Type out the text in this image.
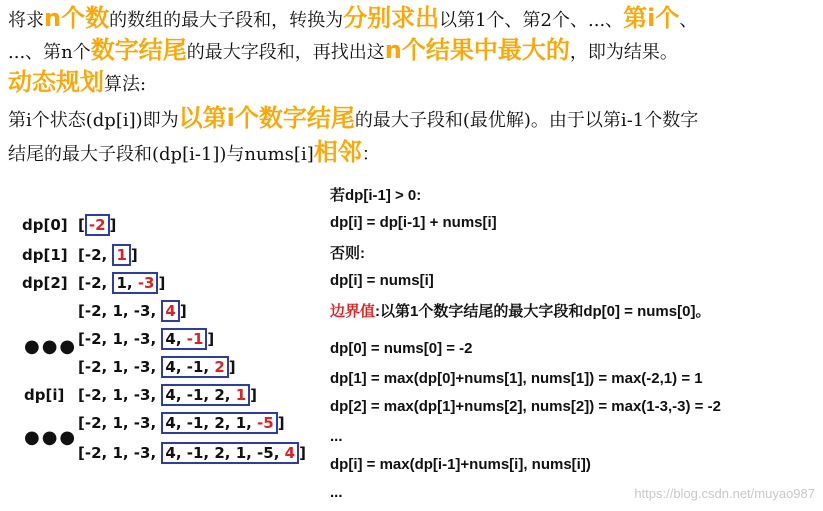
将求n个数的数组的最大子段和，转换为分别求出以第1个、第2个、...、第i个、
...、第n个数字结尾的最大字段和，再找出这n个结果中最大的，即为结果。
动态规划算法:
第i个状态(dp[i])即为以第i个数字结尾的最大子段和(最优解)。由于以第i-1个数字
结尾的最大子段和(dp[i-1])与nums[i]相邻：
dp[0]
dp[1]
dp[2]
●●●
dp[i]
●●●
[ -2 ]
[-2, 1 ]
[-2, 1, -3 ]
[-2, 1, -3, 4 ]
[-2, 1, -3, 4, -1 ]
[-2, 1, -3, 4, -1, 2 ]
[-2, 1, -3, 4, -1, 2, 1 ]
[-2, 1, -3, 4, -1, 2, 1, -5 ]
[-2, 1, -3, 4, -1, 2, 1, -5, 4 ]
若dp[i-1] > 0:
dp[i] = dp[i-1] + nums[i]
否则:
dp[i] = nums[i]
边界值:以第1个数字结尾的最大字段和dp[0] = nums[0]。
dp[0] = nums[0] = -2
dp[1] = max(dp[0]+nums[1], nums[1]) = max(-2,1) = 1
dp[2] = max(dp[1]+nums[2], nums[2]) = max(1-3,-3) = -2
...
dp[i] = max(dp[i-1]+nums[i], nums[i])
...	https://blog.csdn.net/muyao987
